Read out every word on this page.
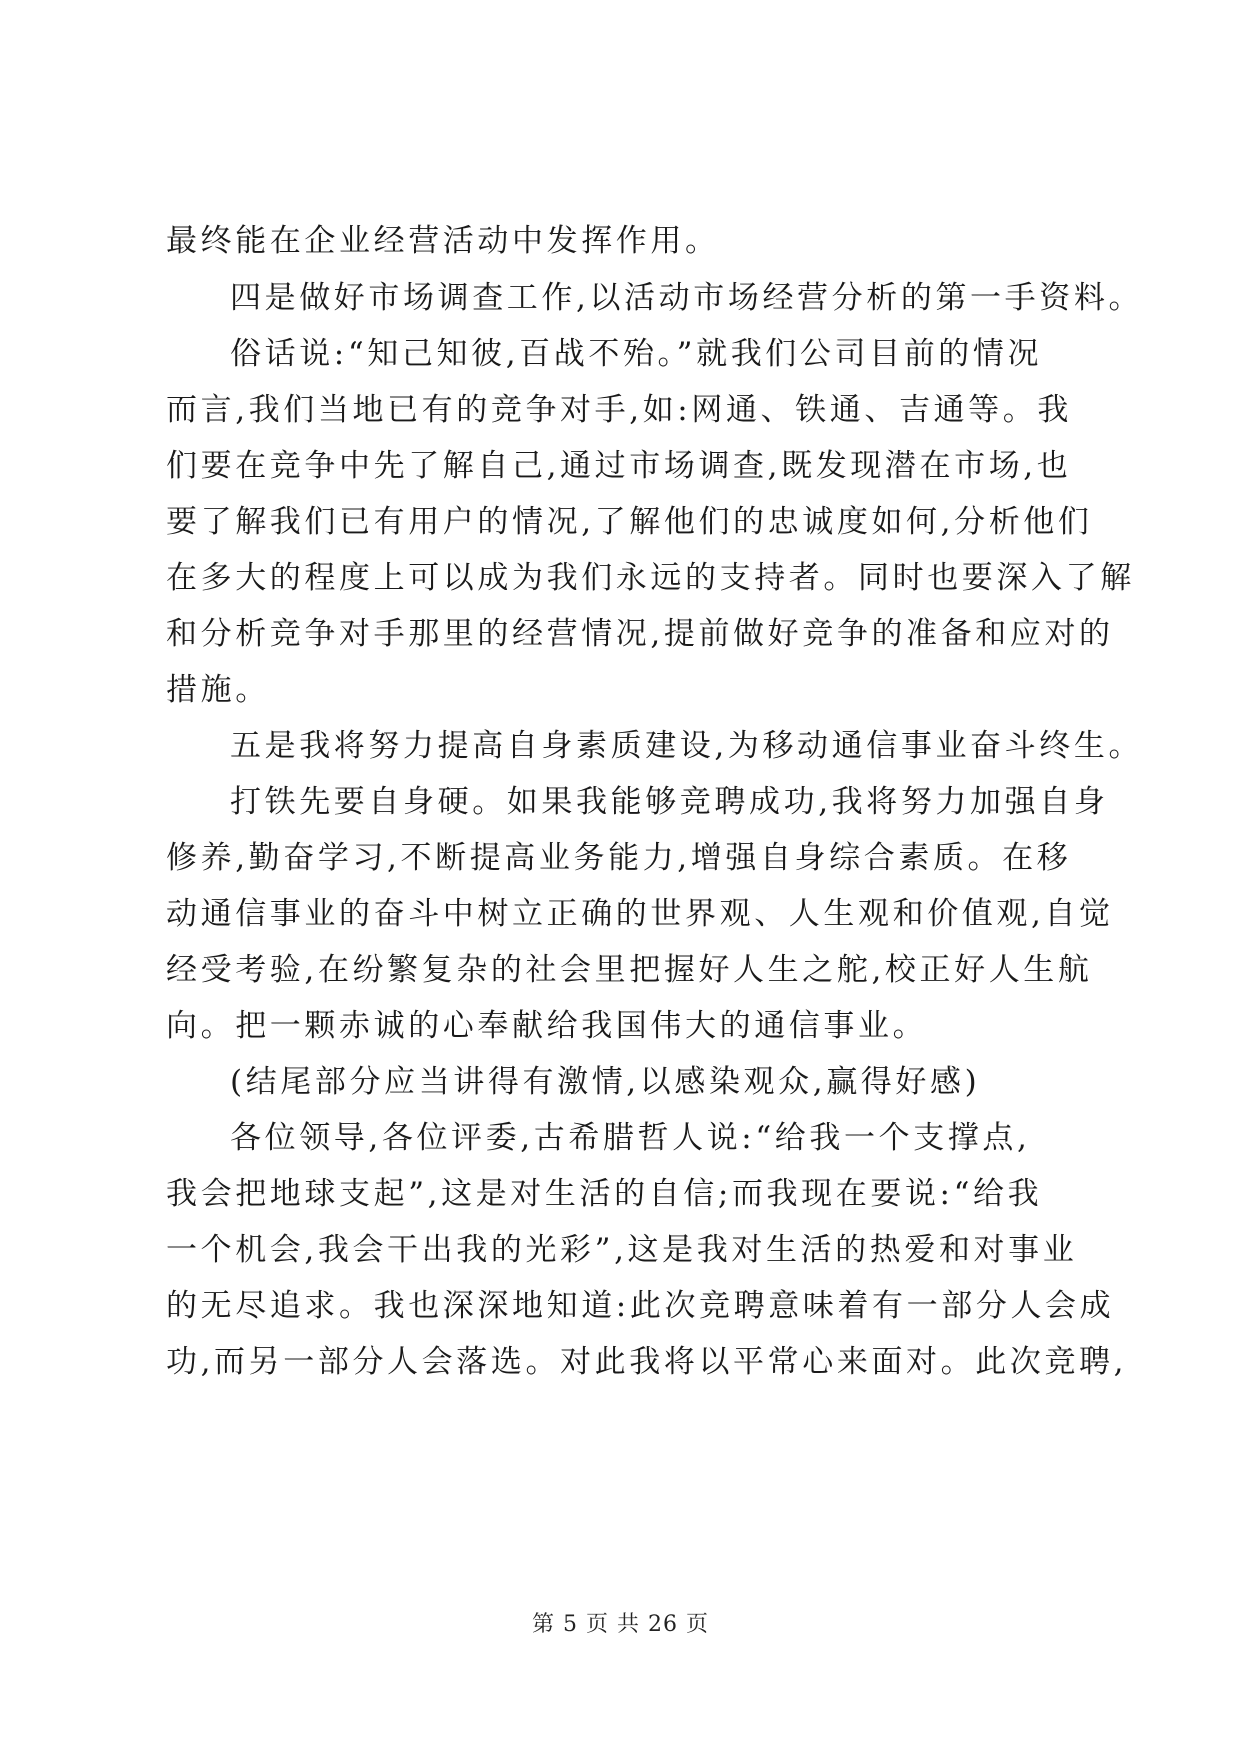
最终能在企业经营活动中发挥作用。
四是做好市场调查工作,以活动市场经营分析的第一手资料。
俗话说:“知己知彼,百战不殆。”就我们公司目前的情况
而言,我们当地已有的竞争对手,如:网通、铁通、吉通等。我
们要在竞争中先了解自己,通过市场调查,既发现潜在市场,也
要了解我们已有用户的情况,了解他们的忠诚度如何,分析他们
在多大的程度上可以成为我们永远的支持者。同时也要深入了解
和分析竞争对手那里的经营情况,提前做好竞争的准备和应对的
措施。
五是我将努力提高自身素质建设,为移动通信事业奋斗终生。
打铁先要自身硬。如果我能够竞聘成功,我将努力加强自身
修养,勤奋学习,不断提高业务能力,增强自身综合素质。在移
动通信事业的奋斗中树立正确的世界观、人生观和价值观,自觉
经受考验,在纷繁复杂的社会里把握好人生之舵,校正好人生航
向。把一颗赤诚的心奉献给我国伟大的通信事业。
(结尾部分应当讲得有激情,以感染观众,赢得好感)
各位领导,各位评委,古希腊哲人说:“给我一个支撑点,
我会把地球支起”,这是对生活的自信;而我现在要说:“给我
一个机会,我会干出我的光彩”,这是我对生活的热爱和对事业
的无尽追求。我也深深地知道:此次竞聘意味着有一部分人会成
功,而另一部分人会落选。对此我将以平常心来面对。此次竞聘,
第 5 页 共 26 页
